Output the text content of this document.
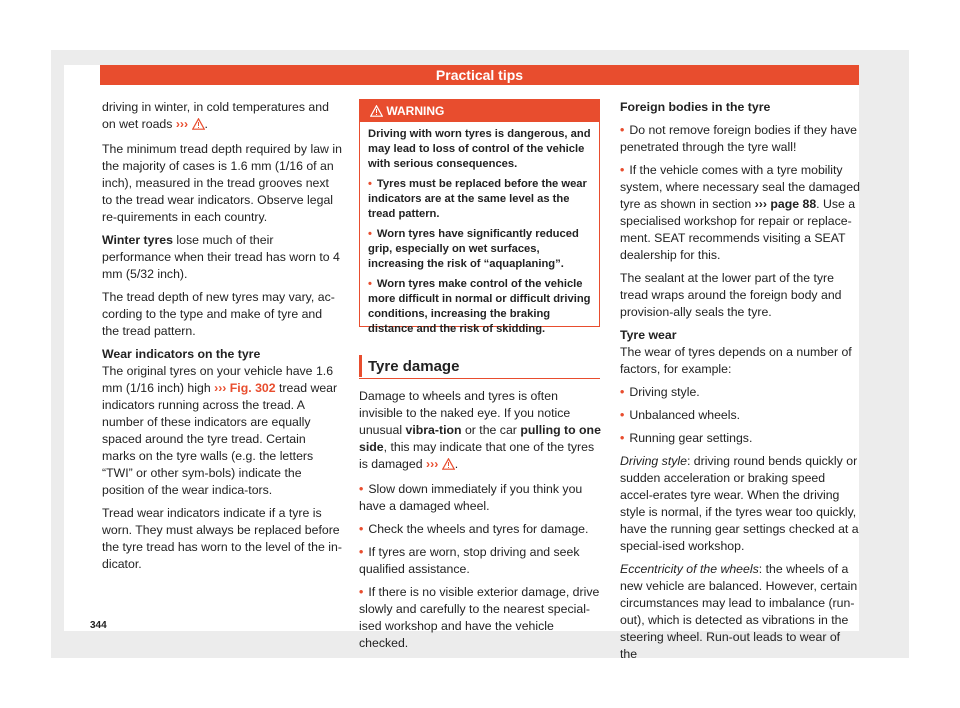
Practical tips

driving in winter, in cold temperatures and on wet roads ››› .

The minimum tread depth required by law in the majority of cases is 1.6 mm (1/16 of an inch), measured in the tread grooves next to the tread wear indicators. Observe legal re-quirements in each country.

Winter tyres lose much of their performance when their tread has worn to 4 mm (5/32 inch).

The tread depth of new tyres may vary, ac-cording to the type and make of tyre and the tread pattern.

Wear indicators on the tyre

The original tyres on your vehicle have 1.6 mm (1/16 inch) high ››› Fig. 302 tread wear indicators running across the tread. A number of these indicators are equally spaced around the tyre tread. Certain marks on the tyre walls (e.g. the letters “TWI” or other sym-bols) indicate the position of the wear indica-tors.

Tread wear indicators indicate if a tyre is worn. They must always be replaced before the tyre tread has worn to the level of the in-dicator.

WARNING

Driving with worn tyres is dangerous, and may lead to loss of control of the vehicle with serious consequences.

• Tyres must be replaced before the wear indicators are at the same level as the tread pattern.

• Worn tyres have significantly reduced grip, especially on wet surfaces, increasing the risk of “aquaplaning”.

• Worn tyres make control of the vehicle more difficult in normal or difficult driving conditions, increasing the braking distance and the risk of skidding.

Tyre damage

Damage to wheels and tyres is often invisible to the naked eye. If you notice unusual vibra-tion or the car pulling to one side, this may indicate that one of the tyres is damaged ››› .

• Slow down immediately if you think you have a damaged wheel.

• Check the wheels and tyres for damage.

• If tyres are worn, stop driving and seek qualified assistance.

• If there is no visible exterior damage, drive slowly and carefully to the nearest special-ised workshop and have the vehicle checked.

Foreign bodies in the tyre

• Do not remove foreign bodies if they have penetrated through the tyre wall!

• If the vehicle comes with a tyre mobility system, where necessary seal the damaged tyre as shown in section ››› page 88. Use a specialised workshop for repair or replace-ment. SEAT recommends visiting a SEAT dealership for this.

The sealant at the lower part of the tyre tread wraps around the foreign body and provision-ally seals the tyre.

Tyre wear

The wear of tyres depends on a number of factors, for example:

• Driving style.

• Unbalanced wheels.

• Running gear settings.

Driving style: driving round bends quickly or sudden acceleration or braking speed accel-erates tyre wear. When the driving style is normal, if the tyres wear too quickly, have the running gear settings checked at a special-ised workshop.

Eccentricity of the wheels: the wheels of a new vehicle are balanced. However, certain circumstances may lead to imbalance (run-out), which is detected as vibrations in the steering wheel. Run-out leads to wear of the

344
